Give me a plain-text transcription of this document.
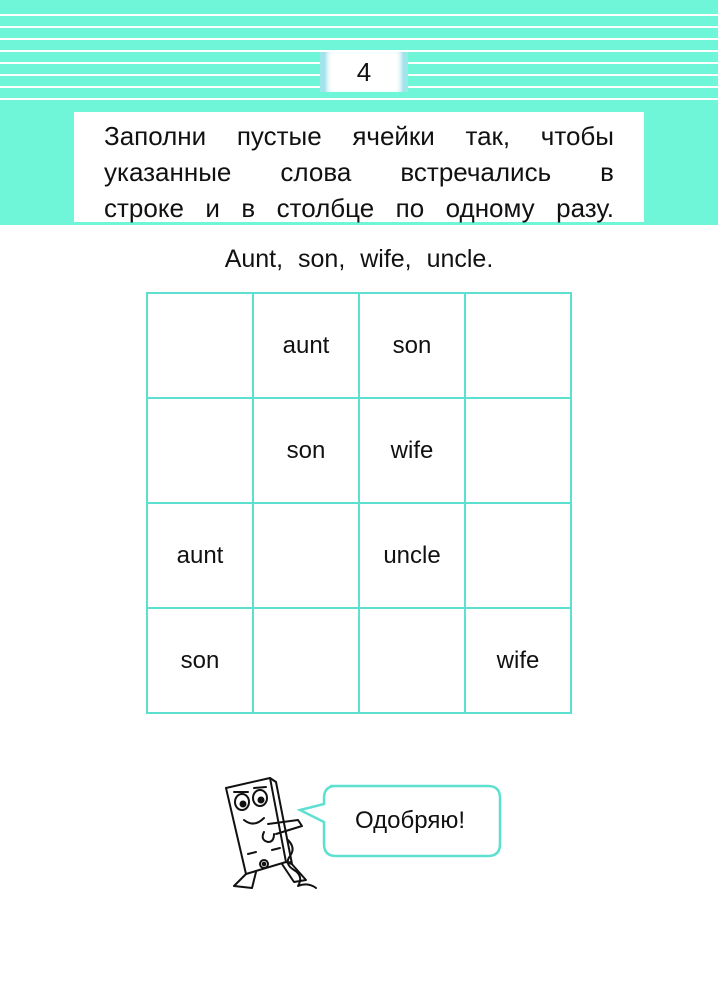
4
Заполни пустые ячейки так, чтобы
указанные слова встречались в
строке и в столбце по одному разу.
Aunt, son, wife, uncle.
	aunt	son	
	son	wife	
aunt		uncle	
son			wife
Одобряю!
